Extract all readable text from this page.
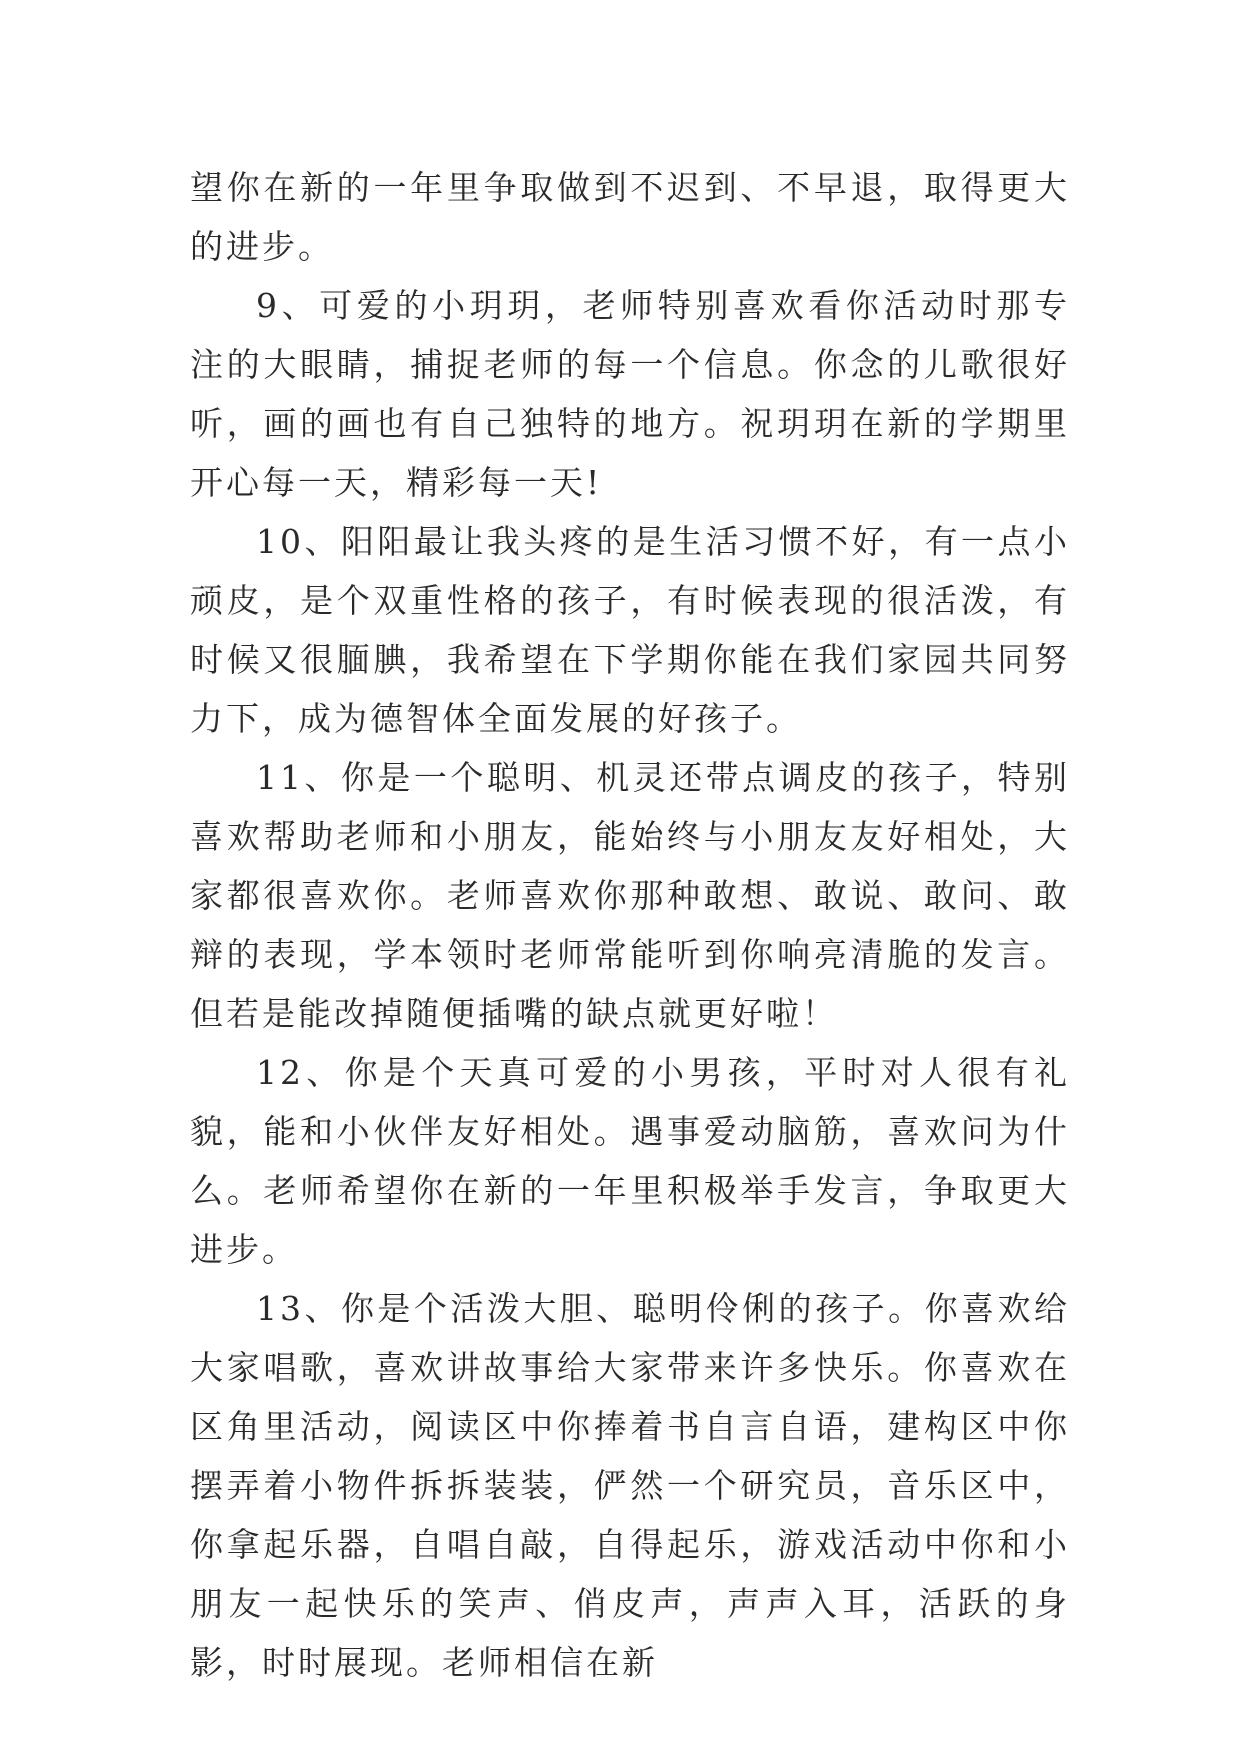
望你在新的一年里争取做到不迟到、不早退，取得更大的进步。

9、可爱的小玥玥，老师特别喜欢看你活动时那专注的大眼睛，捕捉老师的每一个信息。你念的儿歌很好听，画的画也有自己独特的地方。祝玥玥在新的学期里开心每一天，精彩每一天!

10、阳阳最让我头疼的是生活习惯不好，有一点小顽皮，是个双重性格的孩子，有时候表现的很活泼，有时候又很腼腆，我希望在下学期你能在我们家园共同努力下，成为德智体全面发展的好孩子。

11、你是一个聪明、机灵还带点调皮的孩子，特别喜欢帮助老师和小朋友，能始终与小朋友友好相处，大家都很喜欢你。老师喜欢你那种敢想、敢说、敢问、敢辩的表现，学本领时老师常能听到你响亮清脆的发言。但若是能改掉随便插嘴的缺点就更好啦！

12、你是个天真可爱的小男孩，平时对人很有礼貌，能和小伙伴友好相处。遇事爱动脑筋，喜欢问为什么。老师希望你在新的一年里积极举手发言，争取更大进步。

13、你是个活泼大胆、聪明伶俐的孩子。你喜欢给大家唱歌，喜欢讲故事给大家带来许多快乐。你喜欢在区角里活动，阅读区中你捧着书自言自语，建构区中你摆弄着小物件拆拆装装，俨然一个研究员，音乐区中，你拿起乐器，自唱自敲，自得起乐，游戏活动中你和小朋友一起快乐的笑声、俏皮声，声声入耳，活跃的身影，时时展现。老师相信在新
